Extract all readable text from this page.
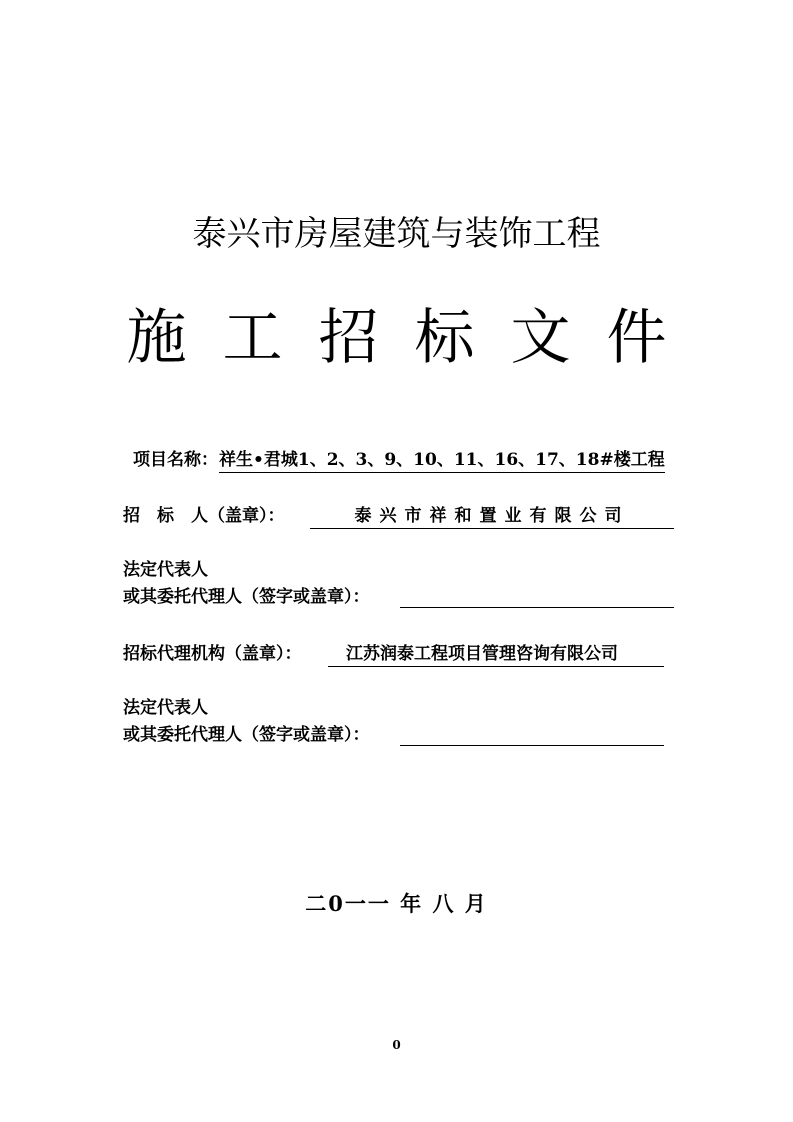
泰兴市房屋建筑与装饰工程
施工招标文件
项目名称： 祥生•君城1、2、3、9、10、11、16、17、18#楼工程
招　标　人（盖章）：	泰兴市祥和置业有限公司
法定代表人
或其委托代理人（签字或盖章）：
招标代理机构（盖章）：	江苏润泰工程项目管理咨询有限公司
法定代表人
或其委托代理人（签字或盖章）：
二0一一 年 八 月
0
